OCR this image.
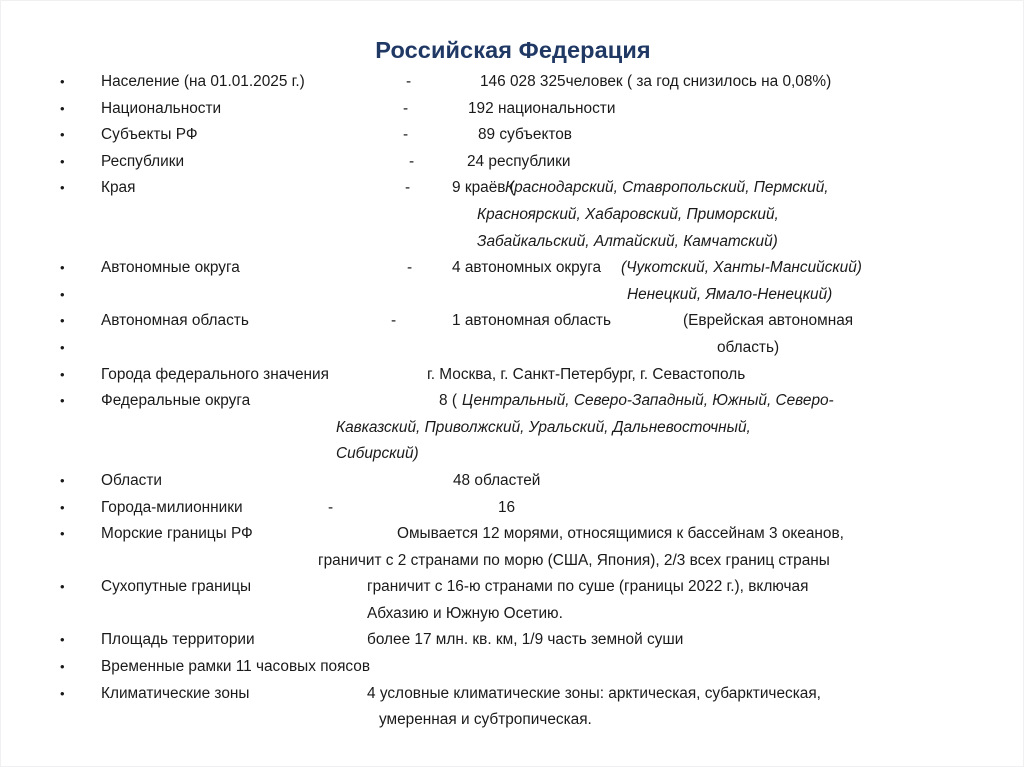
Российская Федерация
•	Население (на 01.01.2025 г.)	-	146 028 325человек ( за год снизилось на 0,08%)
•	Национальности	-	192 национальности
•	Субъекты РФ	-	89 субъектов
•	Республики	-	24 республики
•	Края	-	9 краёв (
Краснодарский, Ставропольский, Пермский,
Красноярский, Хабаровский, Приморский,
Забайкальский, Алтайский, Камчатский)
•	Автономные округа	-	4 автономных округа (Чукотский, Ханты-Мансийский)
•	Ненецкий, Ямало-Ненецкий)
•	Автономная область	-	1 автономная область	(Еврейская автономная
•	область)
•	Города федерального значения	г. Москва, г. Санкт-Петербург, г. Севастополь
•	Федеральные округа	8 ( Центральный, Северо-Западный, Южный, Северо-
Кавказский, Приволжский, Уральский, Дальневосточный,
Сибирский)
•	Области	48 областей
•	Города-милионники	-	16
•	Морские границы РФ	Омывается 12 морями, относящимися к бассейнам 3 океанов,
граничит с 2 странами по морю (США, Япония), 2/3 всех границ страны
•	Сухопутные границы	граничит с 16-ю странами по суше (границы 2022 г.), включая
Абхазию и Южную Осетию.
•	Площадь территории	более 17 млн. кв. км, 1/9 часть земной суши
•	Временные рамки 11 часовых поясов
•	Климатические зоны	4 условные климатические зоны: арктическая, субарктическая,
умеренная и субтропическая.
